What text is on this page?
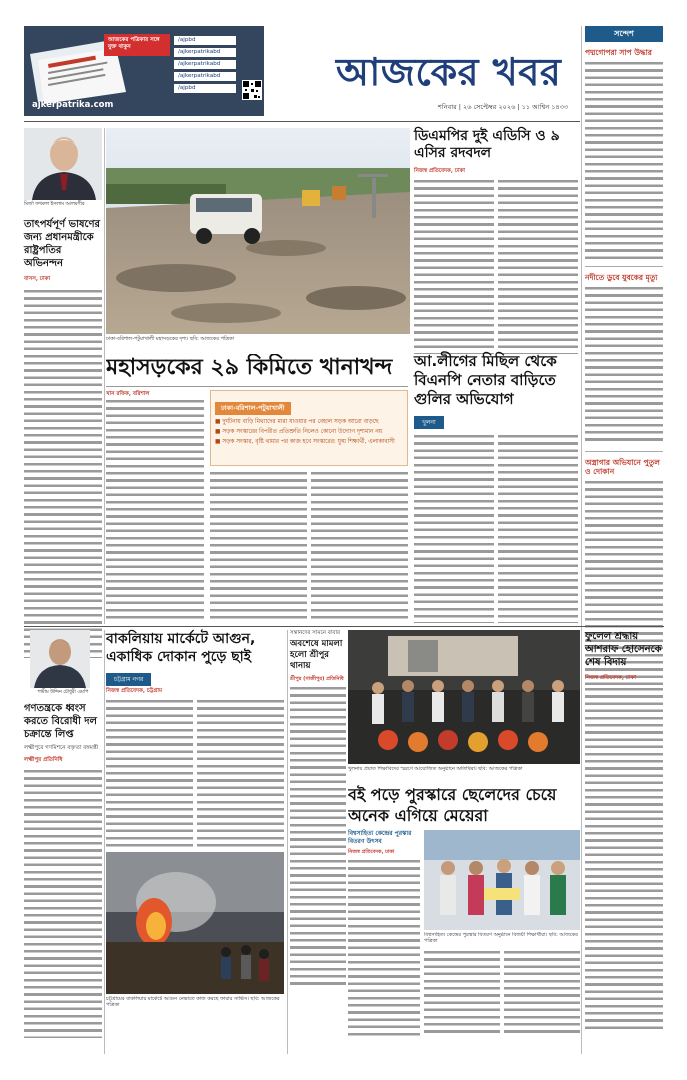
আজকের পত্রিকার সঙ্গে যুক্ত থাকুন
ajkerpatrika.com
/ajpbd
/ajkerpatrikabd
/ajkerpatrikabd
/ajkerpatrikabd
/ajpbd	আজকের খবর
শনিবার | ২৬ সেপ্টেম্বর ২০২৬ | ১১ আশ্বিন ১৪৩৩
সন্দেশ
পদ্মগোপরা সাপ উদ্ধার
নদীতে ডুবে যুবকের মৃত্যু
অস্ত্রাগার অভিযানে পুতুল ও দোকান
মির্জা ফখরুল ইসলাম আলমগীর
তাৎপর্যপূর্ণ ভাষণের জন্য প্রধানমন্ত্রীকে রাষ্ট্রপতির অভিনন্দন
বাসস, ঢাকা
ঢাকা-বরিশাল-পটুয়াখালী মহাসড়কের দৃশ্য। ছবি: আজকের পত্রিকা
ডিএমপির দুই এডিসি ও ৯ এসির রদবদল
নিজস্ব প্রতিবেদক, ঢাকা
মহাসড়কের ২৯ কিমিতে খানাখন্দ
খান রফিক, বরিশাল
ঢাকা-বরিশাল-পটুয়াখালী
■ দুর্ঘটনায় বাড়ি মিথ্যাদের মারা যাওয়ার পর বেহাল সড়ক আরো বাড়ছে
■ সড়ক সংস্কারের বিপরীত প্রতিশ্রুতি নিলেও কোনো উদ্যোগ দৃশ্যমান নয়
■ সড়ক সংস্কার, বৃষ্টি থামার পর কাজ হবে সংস্কারের: যুগ্ম শিক্ষার্থী, এলাকাবাসী
আ.লীগের মিছিল থেকে বিএনপি নেতার বাড়িতে গুলির অভিযোগ
খুলনা
শামীম উদ্দিন চৌধুরী এমপি
গণতন্ত্রকে ধ্বংস করতে বিরোধী দল চক্রান্তে লিপ্ত
লক্ষ্মীপুরে গণমিশনে বক্তৃতা বঙ্গমন্ত্রী
লক্ষ্মীপুর প্রতিনিধি
বাকলিয়ায় মার্কেটে আগুন, একাধিক দোকান পুড়ে ছাই
চট্টগ্রাম নগর
নিজস্ব প্রতিবেদক, চট্টগ্রাম
চট্টগ্রামের বাকলিয়ার মার্কেটে আগুন নেভাতে কাজ করছে ফায়ার সার্ভিস। ছবি: আজকের পত্রিকা
সন্তানদের সামনে বাবার
অবশেষে মামলা হলো শ্রীপুর থানায়
শ্রীপুর (গাজীপুর) প্রতিনিধি
খুলনায় প্রয়াত শিক্ষাবিদের স্মরণে আয়োজিত অনুষ্ঠানে অতিথিরা। ছবি: আজকের পত্রিকা
ফুলেল শ্রদ্ধায় আশরাফ হোসেনকে শেষ বিদায়
নিজস্ব প্রতিবেদক, ঢাকা
বই পড়ে পুরস্কারে ছেলেদের চেয়ে অনেক এগিয়ে মেয়েরা
বিশ্বসাহিত্য কেন্দ্রের পুরস্কার বিতরণ উৎসব
নিজস্ব প্রতিবেদক, ঢাকা
বিশ্বসাহিত্য কেন্দ্রের পুরস্কার বিতরণ অনুষ্ঠানে বিজয়ী শিক্ষার্থীরা। ছবি: আজকের পত্রিকা
